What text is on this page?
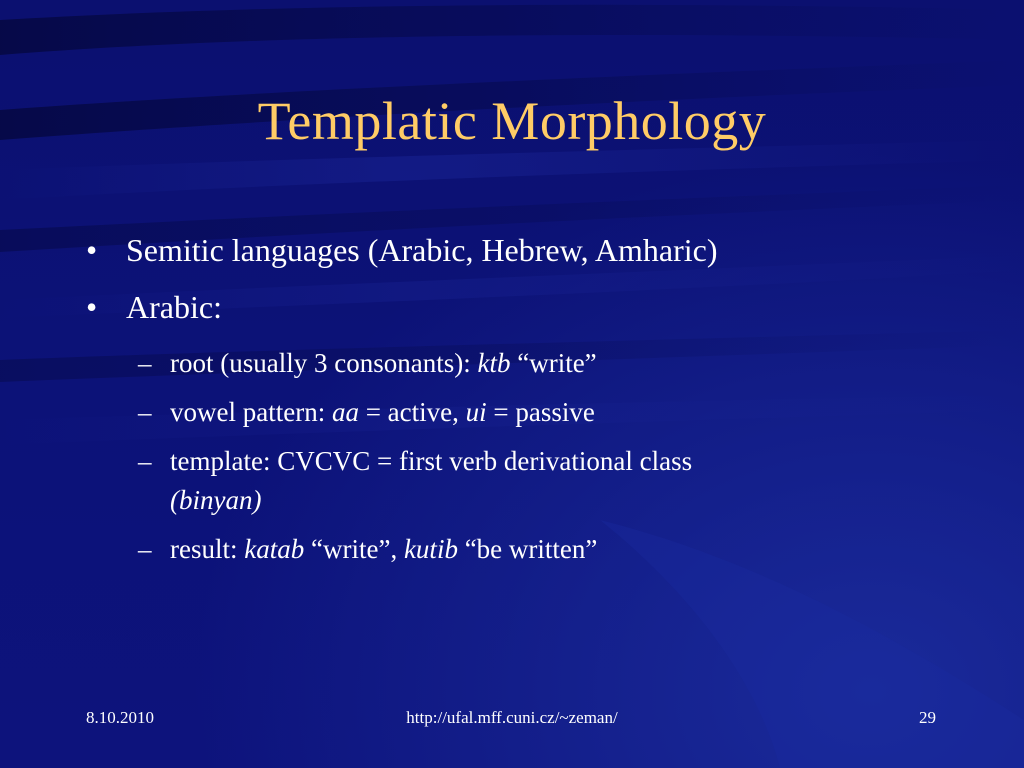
Templatic Morphology
• Semitic languages (Arabic, Hebrew, Amharic)
• Arabic:
– root (usually 3 consonants): ktb “write”
– vowel pattern: aa = active, ui = passive
– template: CVCVC = first verb derivational class
(binyan)
– result: katab “write”, kutib “be written”
8.10.2010	http://ufal.mff.cuni.cz/~zeman/	29
